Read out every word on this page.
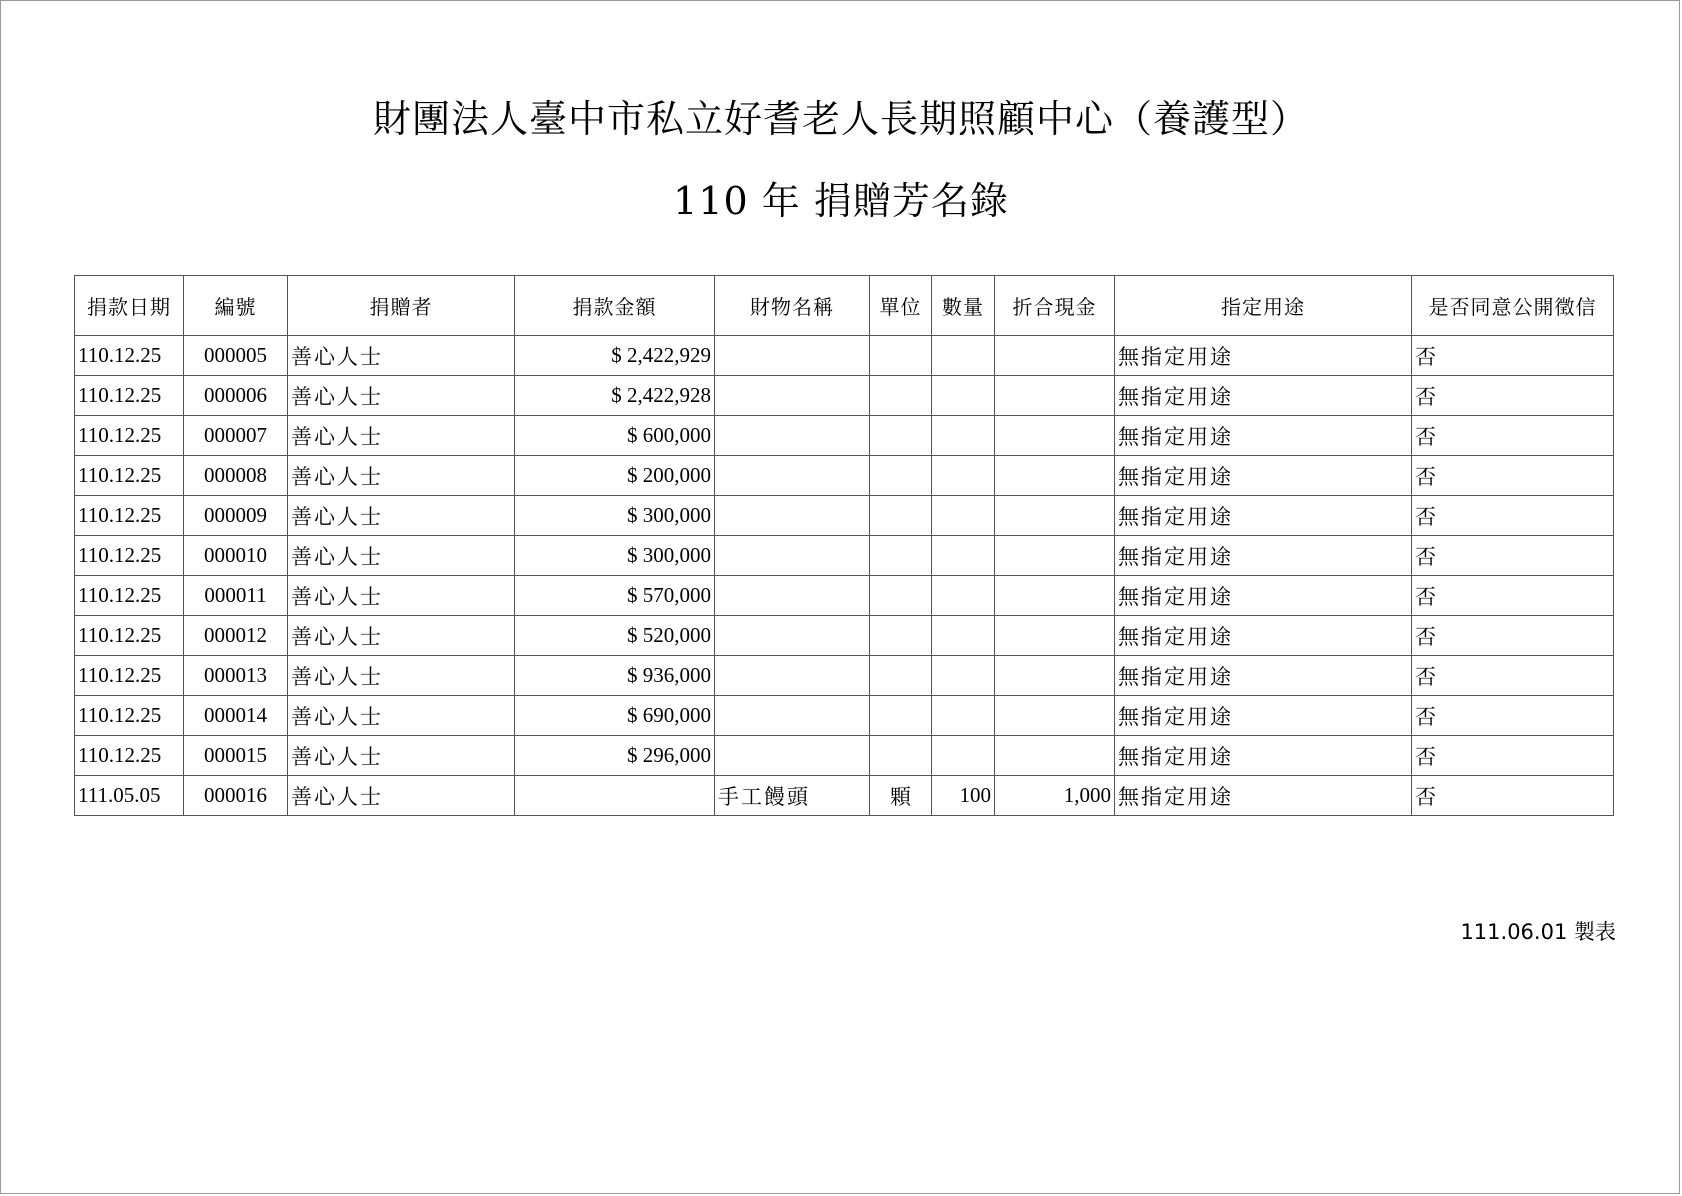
財團法人臺中市私立好耆老人長期照顧中心（養護型）
110 年 捐贈芳名錄
捐款日期	編號	捐贈者	捐款金額	財物名稱	單位	數量	折合現金	指定用途	是否同意公開徵信
110.12.25	000005	善心人士	$ 2,422,929					無指定用途	否
110.12.25	000006	善心人士	$ 2,422,928					無指定用途	否
110.12.25	000007	善心人士	$ 600,000					無指定用途	否
110.12.25	000008	善心人士	$ 200,000					無指定用途	否
110.12.25	000009	善心人士	$ 300,000					無指定用途	否
110.12.25	000010	善心人士	$ 300,000					無指定用途	否
110.12.25	000011	善心人士	$ 570,000					無指定用途	否
110.12.25	000012	善心人士	$ 520,000					無指定用途	否
110.12.25	000013	善心人士	$ 936,000					無指定用途	否
110.12.25	000014	善心人士	$ 690,000					無指定用途	否
110.12.25	000015	善心人士	$ 296,000					無指定用途	否
111.05.05	000016	善心人士		手工饅頭	顆	100	1,000	無指定用途	否
111.06.01 製表
